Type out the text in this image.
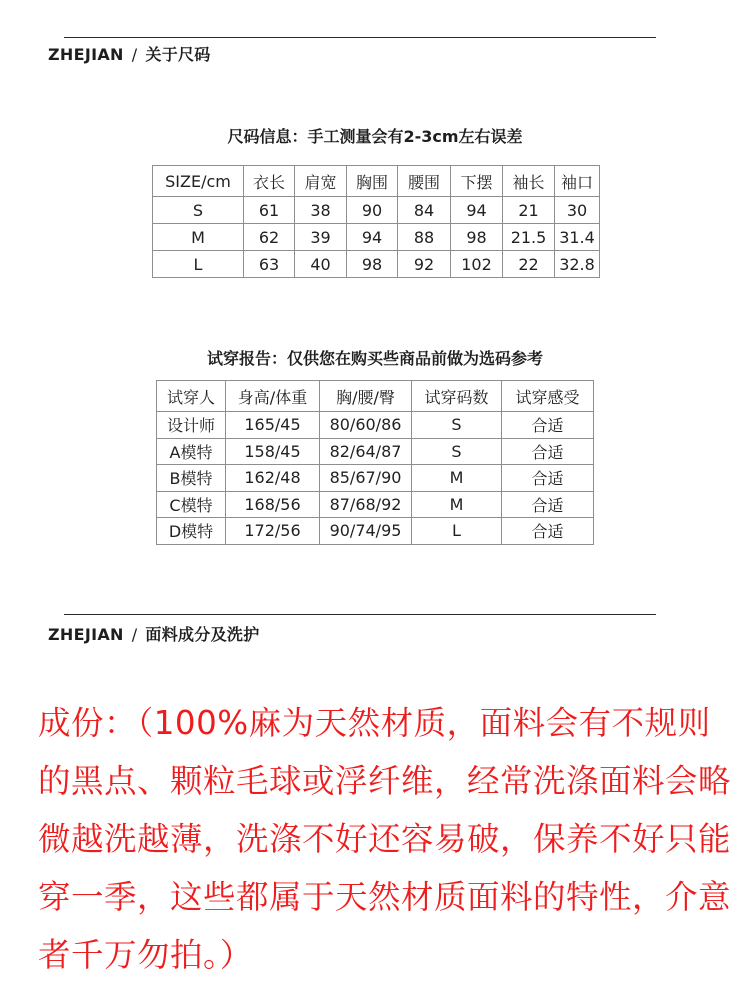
ZHEJIAN / 关于尺码
尺码信息：手工测量会有2-3cm左右误差
SIZE/cm	衣长	肩宽	胸围	腰围	下摆	袖长	袖口
S	61	38	90	84	94	21	30
M	62	39	94	88	98	21.5	31.4
L	63	40	98	92	102	22	32.8
试穿报告：仅供您在购买些商品前做为选码参考
试穿人	身高/体重	胸/腰/臀	试穿码数	试穿感受
设计师	165/45	80/60/86	S	合适
A模特	158/45	82/64/87	S	合适
B模特	162/48	85/67/90	M	合适
C模特	168/56	87/68/92	M	合适
D模特	172/56	90/74/95	L	合适
ZHEJIAN / 面料成分及洗护
成份：（100%麻为天然材质，面料会有不规则的黑点、颗粒毛球或浮纤维，经常洗涤面料会略微越洗越薄，洗涤不好还容易破，保养不好只能穿一季，这些都属于天然材质面料的特性，介意者千万勿拍。）
